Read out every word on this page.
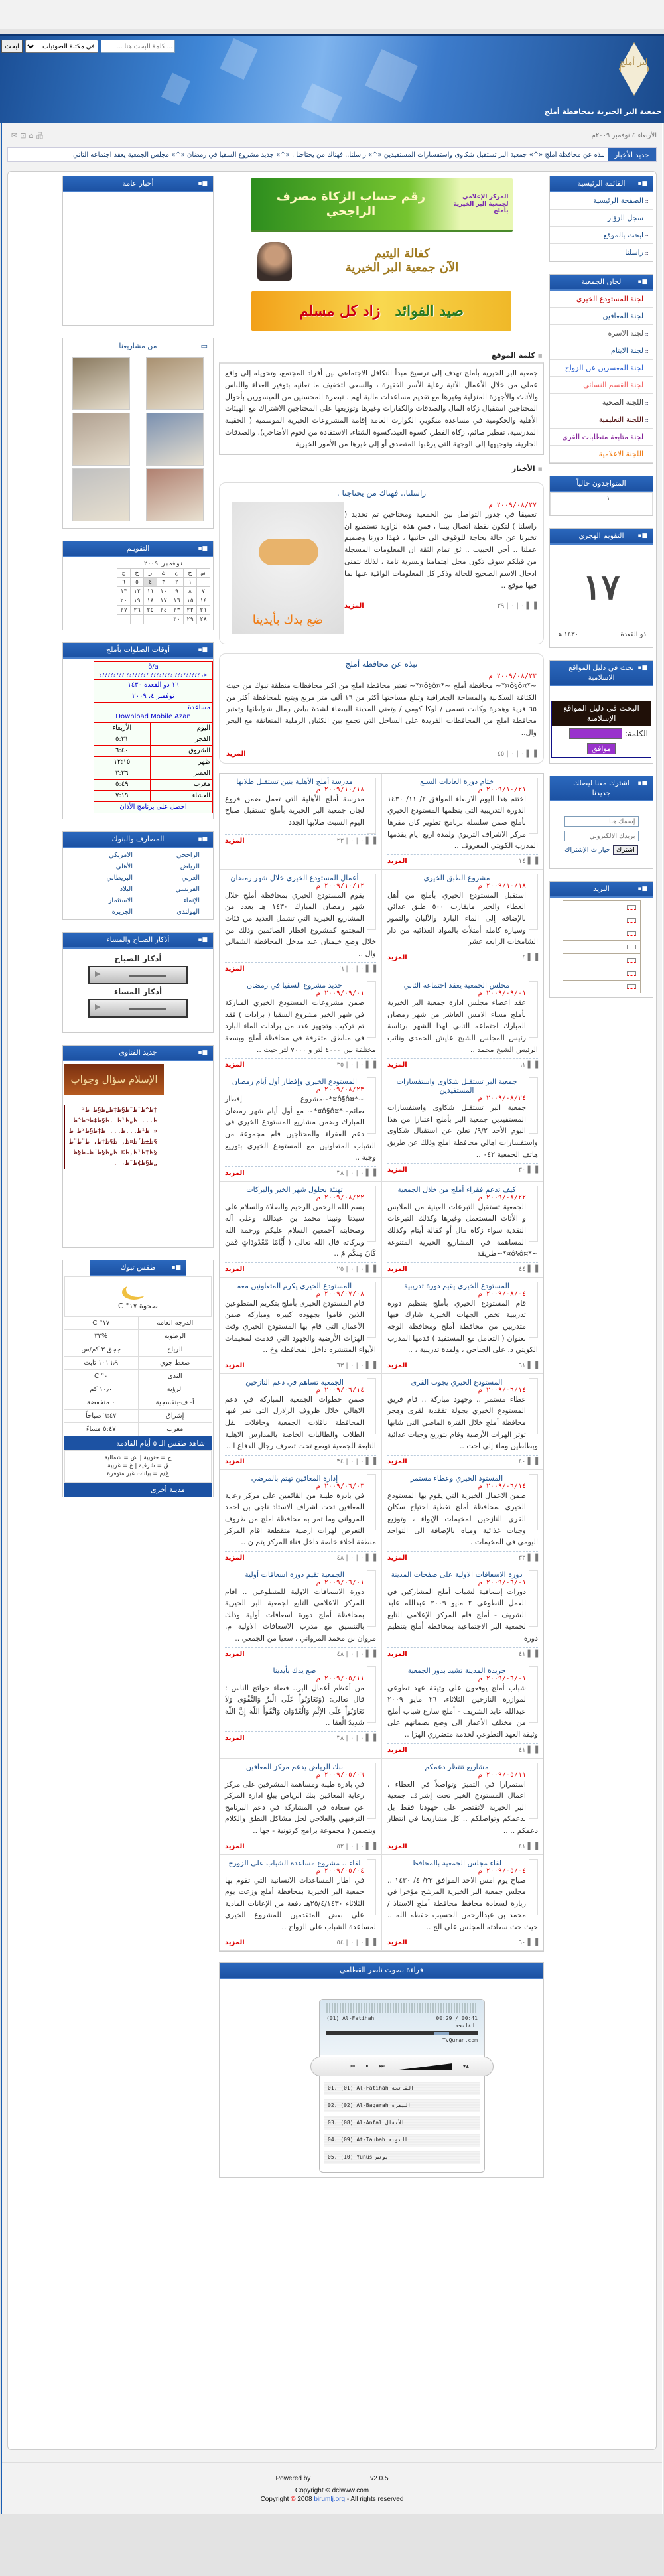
... كلمة البحث هنا ...
في مكتبة الصوتيات
ابحث
لبر أملج
جمعية البر الخيرية بمحافظة أملج
الأربعاء ٤ نوفمبر ٢٠٠٩م
品⌂⊡✉
جديد الأخبار
نبذه عن محافظة أملج «^» جمعية البر تستقبل شكاوى واستفسارات المستفيدين «^» راسلنا.. فهناك من يحتاجنا . «^» جديد مشروع السقيا في رمضان «^» مجلس الجمعية يعقد اجتماعه الثاني
■▪
القائمة الرئيسية
:: الصفحة الرئيسية
:: سجل الزوّار
:: ابحث بالموقع
:: راسلنا
■▪
لجان الجمعية
:: لجنة المستودع الخيري
:: لجنة المعاقين
:: لجنة الاسرة
:: لجنة الايتام
:: لجنة المعسرين عن الزواج
:: لجنة القسم النسائي
:: اللجنة الصحية
:: اللجنة التعليمية
:: لجنة متابعة متطلبات القرى
:: اللجنة الاعلامية
المتواجدون حالياً
١	

■▪
التقويم الهجري
١٧
ذو القعدة
١٤٣٠ هـ
■▪
بحث في دليل المواقع الاسلامية
البحث في دليل المواقع الإسلامية
الكلمة:
موافق
■▪
اشترك معنا ليصلك جديدنا
إسمك هنا
بريدك الالكتروني
اشترك
خيارات الإشتراك
■▪
البريد
المركز الإعلامي لجمعية البر الخيرية بأملج
رقم حساب الزكاة مصرف الراجحي
كفالة اليتيم
الآن جمعية البر الخيرية
صيد الفوائد
زاد كل مسلم
▪ كلمة الموقع
جمعية البر الخيرية بأملج تهدف إلى ترسيخ مبدأ التكافل الاجتماعي بين أفراد المجتمع، وتحويله إلى واقع عملي من خلال الأعمال الآتية رعاية الأسر الفقيرة ، والسعي لتخفيف ما تعانيه بتوفير الغذاء واللباس والأثاث والأجهزة المنزلية وغيرها مع تقديم مساعدات مالية لهم . تبصرة المحسنين من الميسورين بأحوال المحتاجين استقبال زكاة المال والصدقات والكفارات وغيرها وتوزيعها على المحتاجين الاشتراك مع الهيئات الأهلية والحكومية في مساعدة منكوبي الكوارث العامة إقامة المشروعات الخيرية الموسمية ( الحقيبة المدرسية، تفطير صائم، زكاة الفطر، كسوة العيد،كسوة الشتاء، الاستفادة من لحوم الأضاحي)، والصدقات الجارية، وتوجيهها إلى الوجهة التي يرغبها المتصدق أو إلى غيرها من الأمور الخيرية
▪ الأخبار
راسلنا.. فهناك من يحتاجنا .
ضع يدك بأيدينا
٢٠٠٩/٠٨/٢٧ م

تعميقا في جذور التواصل بين الجمعية ومحتاجين تم تحديد ( راسلنا ) لتكون نقطة اتصال بيننا ، فمن هذه الزاوية تستطيع ان تخبرنا عن حالة بحاجة للوقوف الى جانبها ، فهذا دورنا وصميم عملنا .. أخي الحبيب .. ثق تمام الثقة ان المعلومات المسجلة من قبلكم سوف تكون محل اهتمامنا وبسرية تامة ، لذلك نتمنى ادخال الاسم الصحيح للحالة وذكر كل المعلومات الوافية عنها بما فيها موقع ..

▐▌ ٠ | ٠ | ٣٩
المزيد
نبذه عن محافظة أملج
٢٠٠٩/٠٨/٢٣ م

~*¤ô§ô¤*~ محافظة أملج ~*¤ô§ô¤*~ تعتبر محافظة املج من اكبر محافظات منطقة تبوك من حيث الكثافة السكانية والمساحة الجغرافية وتبلغ مساحتها أكثر من ١٦ ألف متر مربع ويتبع للمحافظة أكثر من ٦٥ قرية وهجرة وكانت تسمى / لوكا كومي / وتعني المدينة البيضاء لشدة بياض رمال شواطئها وتعتبر محافظة املج من المحافظات الفريدة على الساحل التي تجمع بين الكثبان الرملية المتعانقة مع البحر وال..

▐▌ ٠ | ٠ | ٤٥
المزيد
ختام دورة العادات السبع
٢٠٠٩/١٠/٢١ م

اختتم هذا اليوم الاربعاء الموافق ٢/ ١١/ ١٤٣٠ الدورة التدريبية التى ينظمها المستودع الخيري بأملج ضمن سلسلة برنامج تطوير كان مقرها مركز الاشراف التربوي ولمدة اربع ايام يقدمها المدرب الكويتي المعروف ..

▐▌ ١٤
المزيد
مدرسة أملج الأهلية بنين تستقبل طلابها
٢٠٠٩/١٠/١٨ م

مدرسة أملج الأهلية التى تعمل ضمن فروع لجان جمعية البر الخيرية بأملج تستقبل صباح اليوم السبت طلابها الجدد

▐▌ ٠ | ٠ | ٢٣
المزيد
مشروع الطبق الخيري
٢٠٠٩/١٠/١٨ م

استقبل المستودع الخيري بأملج من أهل العطاء والخير مايقارب ٥٠٠ طبق غذائي بالإضافه إلى الماء البارد والألبان والتمور وسياره كامله أمتلأت بالمواد الغذائيه من دار الشامخات الرابعه عشر

▐▌ ٤
المزيد
أعمال المستودع الخيري خلال شهر رمضان
٢٠٠٩/١٠/١٢ م

يقوم المستودع الخيري بمحافظة أملج خلال شهر رمضان المبارك ١٤٣٠ هـ بعدد من المشاريع الخيرية التي تشمل العديد من فئات المجتمع كمشروع افطار الصائمين وذلك من خلال وضع خيمتان عند مدخل المحافظة الشمالي وال ..

▐▌ ٠ | ٠ | ٦
المزيد
مجلس الجمعية يعقد اجتماعه الثاني
٢٠٠٩/٠٩/٠١ م

عقد اعضاء مجلس ادارة جمعية البر الخيرية بأملج مساء الامس العاشر من شهر رمضان المبارك اجتماعه الثاني لهذا الشهر برئاسة رئيس المجلس الشيخ عايش الحمدي ونائب الرئيس الشيخ محمد ..

▐▌ ٦١
المزيد
جديد مشروع السقيا في رمضان
٢٠٠٩/٠٩/٠١ م

ضمن مشروعات المستودع الخيري المباركة في شهر الخير مشروع السقيا ( برادات ) فقد تم تركيب وتجهيز عدد من برادات الماء البارد في مناطق متفرقة في محافظة أملج وبسعة مختلفة بين ٤٠٠٠ لتر و ٧٠٠٠ لتر حيث ..

▐▌ ٠ | ٠ | ٣٥
المزيد
جمعية البر تستقبل شكاوى واستفسارات المستفيدين
٢٠٠٩/٠٨/٢٤ م

جمعية البر تستقبل شكاوى واستفسارات المستفيدين جمعية البر بأملج اعتبارا من هذا اليوم الأحد ٩/٢/ تعلن عن استقبال شكاوى واستفسارات اهالي محافظة املج وذلك عن طريق هاتف الجمعية ٠٤٢ ..

▐▌ ٣٠
المزيد
المستودع الخيري وإفطار أول أيام رمضان
٢٠٠٩/٠٨/٢٣ م

~*¤ô§ô¤*~مشروع إفطار صائم~*¤ô§ô¤*~ مع أول أيام شهر رمضان المبارك وضمن مشاريع المستودع الخيري في دعم الفقراء والمحتاجين قام مجموعة من الشباب المتعاونين مع المستودع الخيري بتوزيع وجبة ..

▐▌ ٠ | ٠ | ٣٨
المزيد
كيف تدعم فقراء أملج من خلال الجمعية
٢٠٠٩/٠٨/٢٢ م

الجمعية تستقبل التبرعات العينية من الملابس و الأثاث المستعمل وغيرها وكذلك التبرعات النقدية سواء زكاة مال أو كفالة أيتام وكذلك المساهمة في المشاريع الخيرية المتنوعة ~*¤ô§ô¤*~طريقة

▐▌ ٤٤
المزيد
تهنئة بحلول شهر الخير والبركات
٢٠٠٩/٠٨/٢٢ م

بسم الله الرحمن الرحيم والصلاة والسلام على سيدنا ونبينا محمد بن عبدالله وعلى آله وصحابته آجمعين السلام عليكم ورحمة الله وبركاته قال الله تعالى ( أَيَّامًا مَّعْدُودَاتٍ فَمَن كَانَ مِنكُم مّ ..

▐▌ ٠ | ٠ | ٢٥
المزيد
المستودع الخيري يقيم دورة تدريبية
٢٠٠٩/٠٨/٠٤ م

قام المستودع الخيري بأملج بتنظيم دورة تدريبية تخص الجهات الخيرية شارك فيها متدربين من محافظة أملج ومحافظة الوجه بعنوان ( التعامل مع المستفيد ) قدمها المدرب الكويتي د. على الجناحي ، ولمدة تدريبية ، ..

▐▌ ٦١
المزيد
المستودع الخيري يكرم المتعاونين معه
٢٠٠٩/٠٧/٠٨ م

قام المستودع الخيرى بأملج بتكريم المتطوعين الذين قاموا بجهوده كبيره ومباركه ضمن الأعمال التى قام بها المستودع الخيري وقت الهزات الأرضية والجهود التي قدمت لمخيمات الأيواء المنتشره داخل المحافظه وخ ..

▐▌ ٠ | ٠ | ٦٣
المزيد
المستودع الخيري يجوب القرى
٢٠٠٩/٠٦/١٤ م

عطاء مستمر .. وجهود مباركة .. قام فريق المستودع الخيري بجولة تفقدية لقرى وهجر محافظة أملج خلال الفترة الماضي التى شابها توتر الهزات الأرضية وقام بتوزيع وجبات غذائية وبطاطين وماء إلى احت ..

▐▌ ٤٠
المزيد
الجمعية تساهم في دعم النازحين
٢٠٠٩/٠٦/١٤ م

ضمن خطوات الجمعية المباركة في دعم الاهالي خلال ظروف الزلازل التى تمر فيها المحافظة ناقلات الجمعية وحافلات نقل الطلاب والطالبات الخاصة بالمدارس الاهلية التابعة للجمعية توضع تحت تصرف رجال الدفاع ا ..

▐▌ ٠ | ٠ | ٣٤
المزيد
المستود الخيري وعطاء مستمر
٢٠٠٩/٠٦/١٤ م

ضمن الاعمال الخيرية التي يقوم بها المستودع الخيري بمحافظة أملج تغطية احتياج سكان القرى النازحين لمخيمات الإيواء ، وتوزيع وجبات غذائية ومياه بالإضافة الى التواجد اليومي في المخيمات .

▐▌ ٣٣
المزيد
إدارة المعاقين تهتم بالمرضي
٢٠٠٩/٠٦/٠٣ م

في بادرة طيبة من القائمين على مركز رعاية المعاقين تحت اشراف الاستاذ ناجي بن احمد المرواني وما تمر به محافظة املج من ظروف التعرض لهزات ارضية متقطعة اقام المركز منطقة اخلاء خاصة داخل فناء المركز يتم ن ..

▐▌ ٠ | ٠ | ٤٨
المزيد
دورة الاسعافات الاولية على صفحات المدينة
٢٠٠٩/٠٦/٠١ م

دورات إسعافية لشباب أملج المشاركين في العمل التطوعي ٢ مايو ٢٠٠٩ عبدالله عابد الشريف - أملج قام المركز الإعلامي التابع لجمعية البر الاجتماعية بمحافظة أملج بتنظيم دورة

▐▌ ٤١
المزيد
الجمعية تقيم دورة اسعافات أولية
٢٠٠٩/٠٦/٠١ م

دورة الاسعافات الاولية للمتطوعين .. اقام المركز الاعلامي التابع لجمعية البر الخيرية بمحافظة أملج دورة اسعافات أولية وذلك بالتنسيق مع مدرب الاسعافات الاولية م. مروان بن محمد المرواني ، سعيا من الجمعي ..

▐▌ ٠ | ٠ | ٤٨
المزيد
جريدة المدينة تشيد بدور الجمعية
٢٠٠٩/٠٦/٠١ م

شباب أملج يوقعون على وثيقة عهد تطوعي لموازرة النازحين الثلاثاء، ٢٦ مايو ٢٠٠٩ عبدالله عابد الشريف - أملج سارع شباب أملج من مختلف الأعمار الى وضع بصماتهم على وثيقة العهد التطوعي لخدمة متضرري الهزا ..

▐▌ ٤١
المزيد
ضع يدك بأيدينا
٢٠٠٩/٠٥/١١ م

من أعظم أعمال البر.. قضاء حوائج الناس : قال تعالى: (وَتَعَاوَنُواْ عَلَى الْبرِّ وَالتَّقْوَى وَلاَ تَعَاوَنُواْ عَلَى الإِثْمِ وَالْعُدْوَانِ وَاتَّقُواْ اللّهَ إِنَّ اللّهَ شَدِيدُ الْعِقا ..

▐▌ ٠ | ٠ | ٣٨
المزيد
مشاريع تنتظر دعمكم
٢٠٠٩/٠٥/١١ م

استمرارا في التميز وتواصلاً في العطاء ، اعمال المستودع الخير تحت إشراف جمعية البر الخيرية لاتقتصر على جهودنا فقط بل بدعمكم وتواصلكم .. كل مشاريعنا في انتظار دعمكم .. ..

▐▌ ٤١
المزيد
بنك الرياض يدعم مركز المعاقين
٢٠٠٩/٠٥/٠٦ م

في بادرة طيبة ومساهمة المشرفين على مركز رعاية المعاقين بنك الرياض يبلغ ادارة المركز عن سعادة في المشاركة في دعم البرنامج الترفيهي والعلاجي لحل مشاكل النطق والكلام ويتضمن ( مجموعة برامج كرتونية - جها ..

▐▌ ٠ | ٠ | ٥٢
المزيد
لقاء مجلس الجمعية بالمحافظ
٢٠٠٩/٠٥/٠٤ م

صباح يوم امس الاحد الموافق ٢٣/ ٤/ ١٤٣٠ .. مجلس جمعية البر الخيرية المرشح مؤخرا في زيارة لسعادة محافظ محافظة أملج الاستاذ / محمد بن عبدالرحمن الحسيب حفظه الله .. حيث حث سعادته المجلس على الح ..

▐▌ ٦٠
المزيد
لقاء .. مشروع مساعدة الشباب على الزورج
٢٠٠٩/٠٥/٠٤ م

في اطار المساعدات الانسانية التي تقوم بها جمعية البر الخيرية بمحافظة أملج وزعت يوم الثلاثاء ٢٥/٤/١٤٣٠هـ دفعة من الإعانات المادية على بعض المتقدمين للمشروع الخيري لمساعدة الشباب على الزواج ..

▐▌ ٠ | ٠ | ٥٤
المزيد
قراءة بصوت ناصر القطامي
(01) Al-Fatihah	00:29 / 00:41
الفاتحة
TvQuran.com
⋮⋮ ⏮ ⏸ ⏭	▾▴
01. (01) Al-Fatihah الفاتحة
02. (02) Al-Baqarah البقرة
03. (08) Al-Anfal الأنفال
04. (09) At-Taubah التوبة
05. (10) Yunus يونس
■▪
أخبار عامة
▭
من مشاريعنا
■▪
التقويـم
نوفمبر ٢٠٠٩						
س	ح	ن	ث	ر	خ	ج
	١	٢	٣	٤	٥	٦
٧	٨	٩	١٠	١١	١٢	١٣
١٤	١٥	١٦	١٧	١٨	١٩	٢٠
٢١	٢٢	٢٣	٢٤	٢٥	٢٦	٢٧
٢٨	٢٩	٣٠				
■▪
أوقات الصلوات بأملج
õ/a
<، ????????? ???????? ???????? ?????????	

١٦ ذو القعدة ١٤٣٠	
نوفمبر ٤، ٢٠٠٩	

مساعدة
Download Mobile Azan	

اليوم	الأربعاء
الفجر	٥:٢١
الشروق	٦:٤٠
ظهر	١٢:١٥
العصر	٣:٢٦
مغرب	٥:٤٩
العشاء	٧:١٩
احصل على برنامج الأذان	
■▪
المصارف والبنوك
الراجحي
الامريكي
الرياض
الأهلي
العربي
البريطاني
الفرنسي
البلاد
الإنماء
الاستثمار
الهولندي
الجزيرة
■▪
أذكار الصباح والمساء
أذكار الصباح
▶
أذكار المساء
▶
■▪
جديد الفتاوى
الإسلام سؤال وجواب
†ط^ط¯ط¨ط§ط‡ظ„ظ§ط ط²ط... ظ„ظ¹ط .ط§ط‡ط¬ط^ط « ظ¹ط...ظ... ظ‡ط§ط³ط ط§ط±ط´ط¤ظ‚ ط§ط†ط، ط¨ط¨ط§ظ†ط¹ظ‚ط© ظ„ظ§ط´ظ…ط§ظ„ط§ظ¢ط¨ط، .
■▪
طقس تبوك
صحوة ١٧° C
الدرجة العامة	١٧° C
الرطوبة	%٣٢
الرياح	ججق ٣ كم/س
ضغط جوي	١٠١٦٫٩ ثابت
الندى	٠° C
الرؤية	١٠٫٠ كم
أ- ف-بنفسجية	٠ منخفضة
إشراق	٦:٤٧ صباحاً
مغرب	٥:٤٧ مساءً
شاهد طقس الـ ٥ أيام القادمة
ج = جنوبية | ش = شمالية
ق = شرقية | غ = غربية
غ/م = بيانات غير متوفرة
مدينة أخرى
Powered by	v2.0.5
Copyright © dciwww.com
Copyright © 2008 birumlj.org - All rights reserved
